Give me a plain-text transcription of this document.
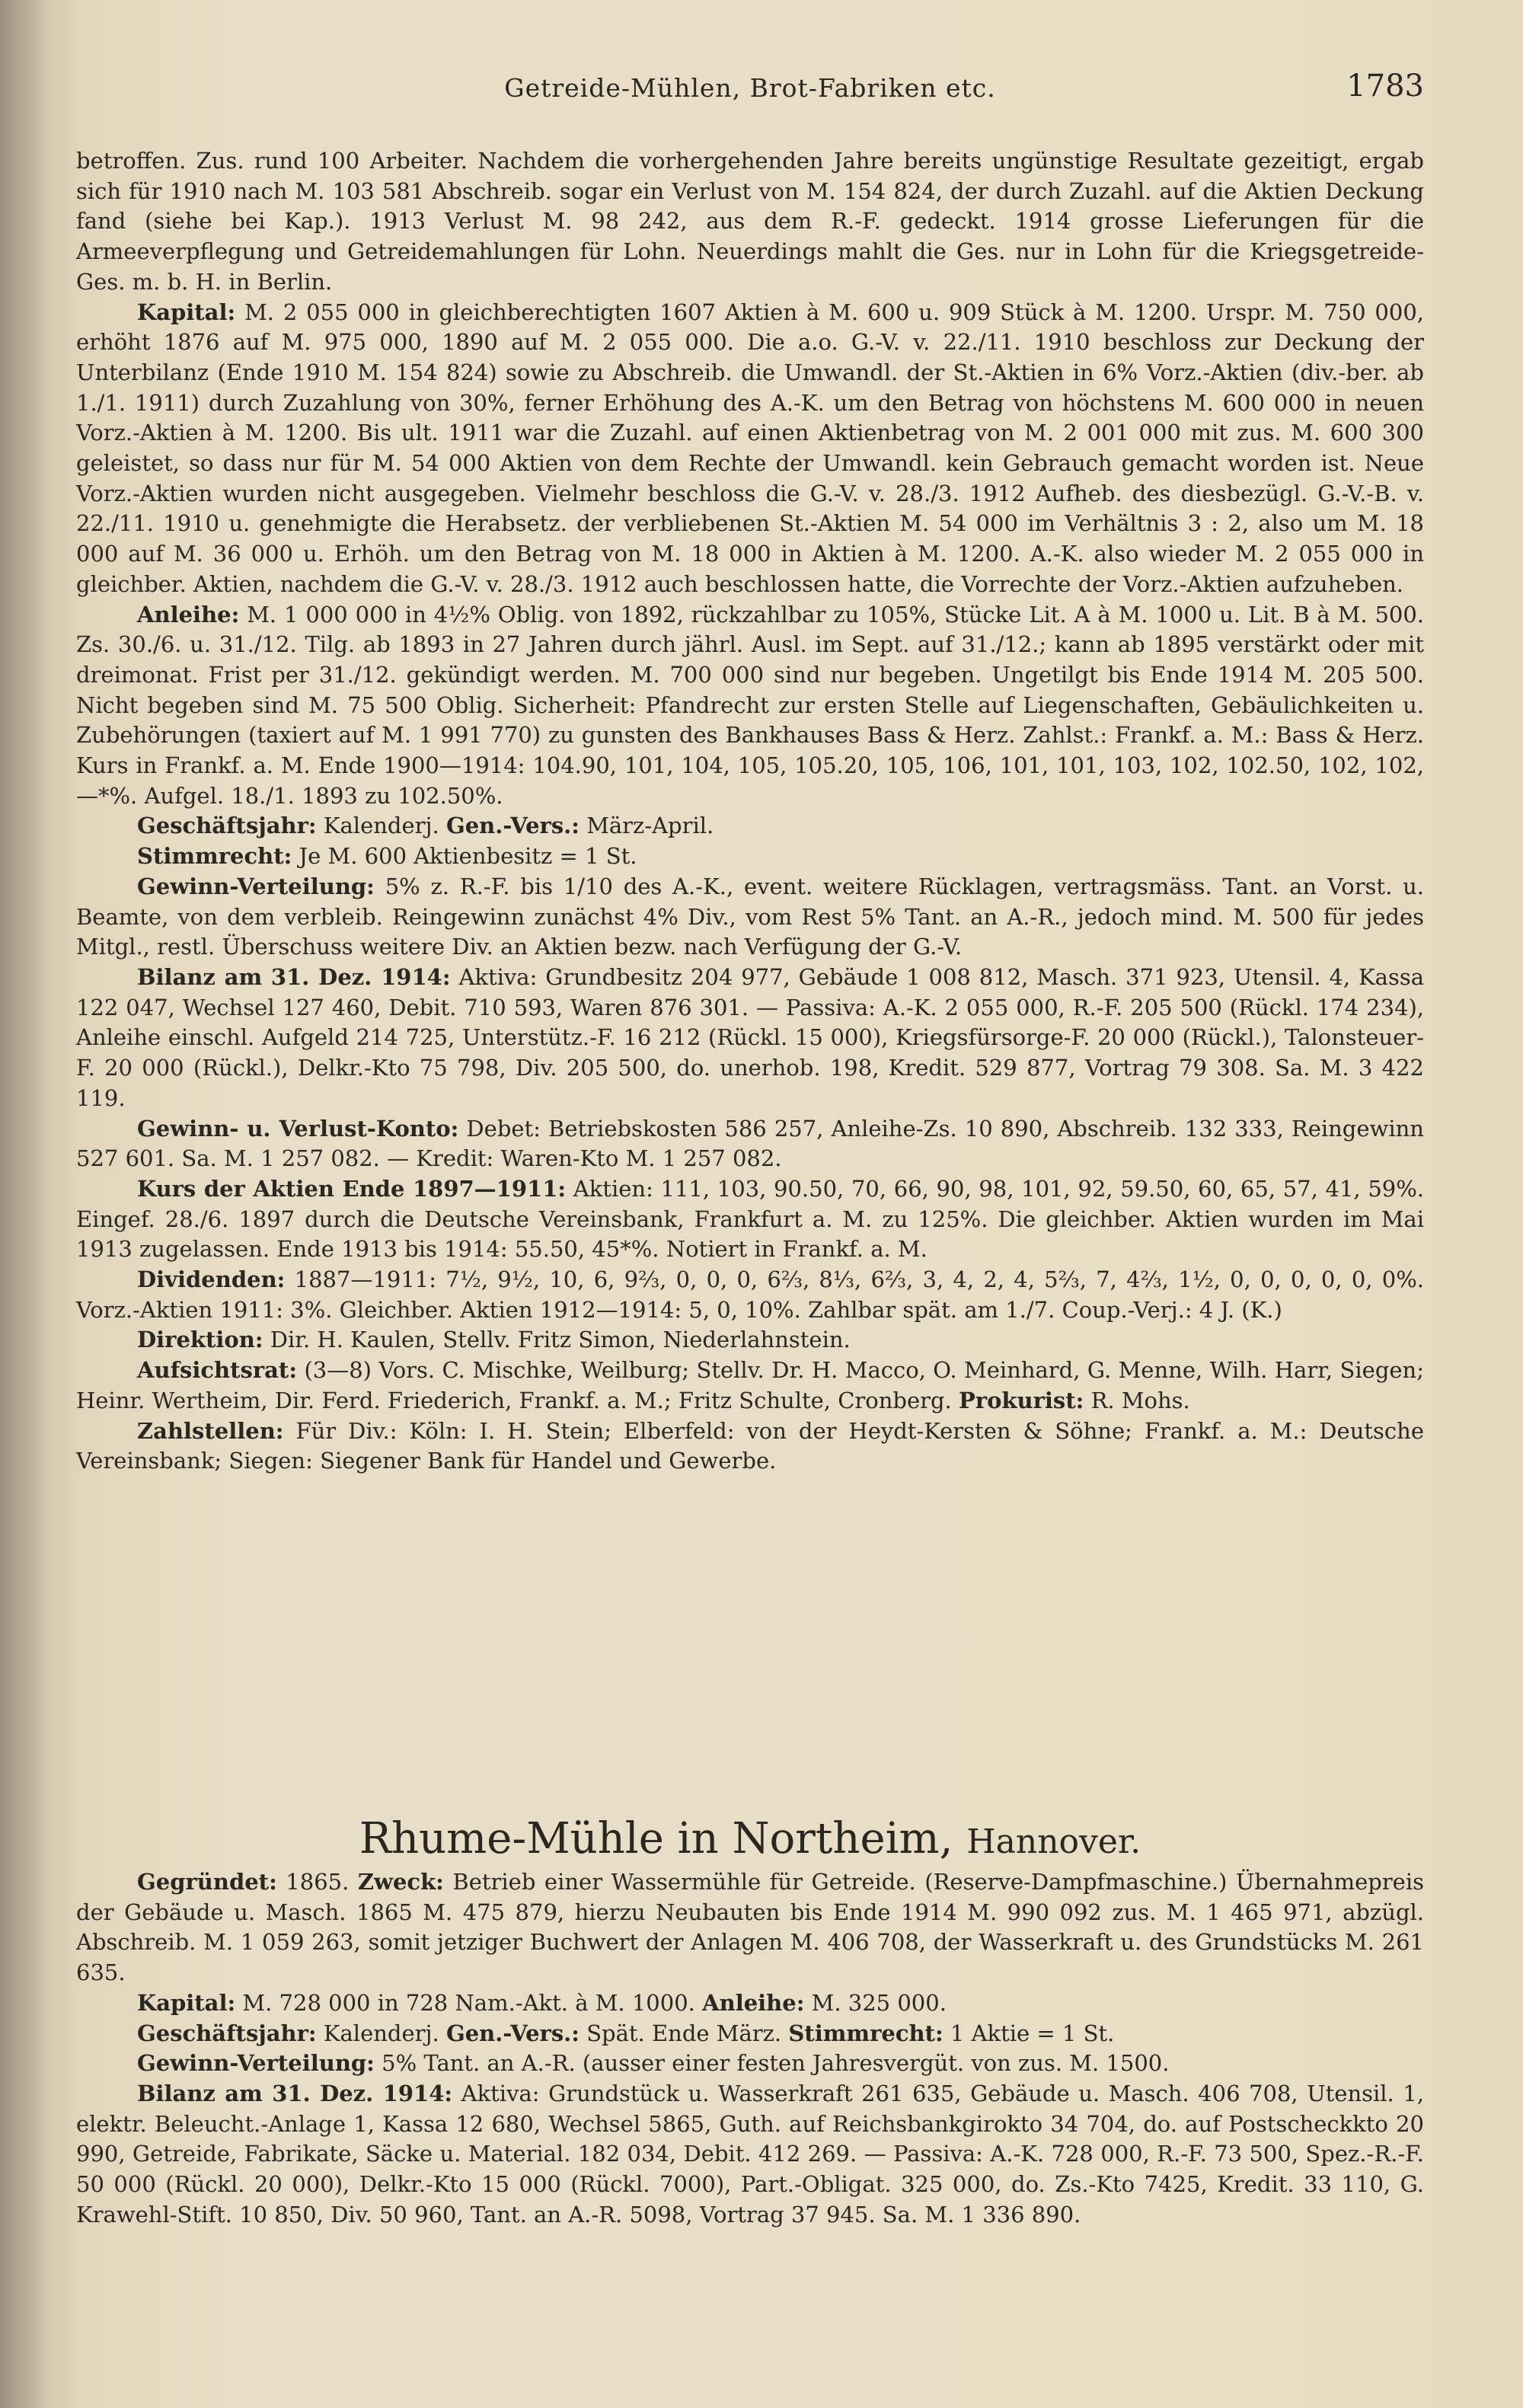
Getreide-Mühlen, Brot-Fabriken etc.	1783

betroffen. Zus. rund 100 Arbeiter. Nachdem die vorhergehenden Jahre bereits ungünstige Resultate gezeitigt, ergab sich für 1910 nach M. 103 581 Abschreib. sogar ein Verlust von M. 154 824, der durch Zuzahl. auf die Aktien Deckung fand (siehe bei Kap.). 1913 Verlust M. 98 242, aus dem R.-F. gedeckt. 1914 grosse Lieferungen für die Armeeverpflegung und Getreidemahlungen für Lohn. Neuerdings mahlt die Ges. nur in Lohn für die Kriegsgetreide-Ges. m. b. H. in Berlin.

Kapital: M. 2 055 000 in gleichberechtigten 1607 Aktien à M. 600 u. 909 Stück à M. 1200. Urspr. M. 750 000, erhöht 1876 auf M. 975 000, 1890 auf M. 2 055 000. Die a.o. G.-V. v. 22./11. 1910 beschloss zur Deckung der Unterbilanz (Ende 1910 M. 154 824) sowie zu Abschreib. die Umwandl. der St.-Aktien in 6% Vorz.-Aktien (div.-ber. ab 1./1. 1911) durch Zuzahlung von 30%, ferner Erhöhung des A.-K. um den Betrag von höchstens M. 600 000 in neuen Vorz.-Aktien à M. 1200. Bis ult. 1911 war die Zuzahl. auf einen Aktienbetrag von M. 2 001 000 mit zus. M. 600 300 geleistet, so dass nur für M. 54 000 Aktien von dem Rechte der Umwandl. kein Gebrauch gemacht worden ist. Neue Vorz.-Aktien wurden nicht ausgegeben. Vielmehr beschloss die G.-V. v. 28./3. 1912 Aufheb. des diesbezügl. G.-V.-B. v. 22./11. 1910 u. genehmigte die Herabsetz. der verbliebenen St.-Aktien M. 54 000 im Verhältnis 3 : 2, also um M. 18 000 auf M. 36 000 u. Erhöh. um den Betrag von M. 18 000 in Aktien à M. 1200. A.-K. also wieder M. 2 055 000 in gleichber. Aktien, nachdem die G.-V. v. 28./3. 1912 auch beschlossen hatte, die Vorrechte der Vorz.-Aktien aufzuheben.

Anleihe: M. 1 000 000 in 4½% Oblig. von 1892, rückzahlbar zu 105%, Stücke Lit. A à M. 1000 u. Lit. B à M. 500. Zs. 30./6. u. 31./12. Tilg. ab 1893 in 27 Jahren durch jährl. Ausl. im Sept. auf 31./12.; kann ab 1895 verstärkt oder mit dreimonat. Frist per 31./12. gekündigt werden. M. 700 000 sind nur begeben. Ungetilgt bis Ende 1914 M. 205 500. Nicht begeben sind M. 75 500 Oblig. Sicherheit: Pfandrecht zur ersten Stelle auf Liegenschaften, Gebäulichkeiten u. Zubehörungen (taxiert auf M. 1 991 770) zu gunsten des Bankhauses Bass & Herz. Zahlst.: Frankf. a. M.: Bass & Herz. Kurs in Frankf. a. M. Ende 1900—1914: 104.90, 101, 104, 105, 105.20, 105, 106, 101, 101, 103, 102, 102.50, 102, 102, —*%. Aufgel. 18./1. 1893 zu 102.50%.

Geschäftsjahr: Kalenderj. Gen.-Vers.: März-April.

Stimmrecht: Je M. 600 Aktienbesitz = 1 St.

Gewinn-Verteilung: 5% z. R.-F. bis 1/10 des A.-K., event. weitere Rücklagen, vertragsmäss. Tant. an Vorst. u. Beamte, von dem verbleib. Reingewinn zunächst 4% Div., vom Rest 5% Tant. an A.-R., jedoch mind. M. 500 für jedes Mitgl., restl. Überschuss weitere Div. an Aktien bezw. nach Verfügung der G.-V.

Bilanz am 31. Dez. 1914: Aktiva: Grundbesitz 204 977, Gebäude 1 008 812, Masch. 371 923, Utensil. 4, Kassa 122 047, Wechsel 127 460, Debit. 710 593, Waren 876 301. — Passiva: A.-K. 2 055 000, R.-F. 205 500 (Rückl. 174 234), Anleihe einschl. Aufgeld 214 725, Unterstütz.-F. 16 212 (Rückl. 15 000), Kriegsfürsorge-F. 20 000 (Rückl.), Talonsteuer-F. 20 000 (Rückl.), Delkr.-Kto 75 798, Div. 205 500, do. unerhob. 198, Kredit. 529 877, Vortrag 79 308. Sa. M. 3 422 119.

Gewinn- u. Verlust-Konto: Debet: Betriebskosten 586 257, Anleihe-Zs. 10 890, Abschreib. 132 333, Reingewinn 527 601. Sa. M. 1 257 082. — Kredit: Waren-Kto M. 1 257 082.

Kurs der Aktien Ende 1897—1911: Aktien: 111, 103, 90.50, 70, 66, 90, 98, 101, 92, 59.50, 60, 65, 57, 41, 59%. Eingef. 28./6. 1897 durch die Deutsche Vereinsbank, Frankfurt a. M. zu 125%. Die gleichber. Aktien wurden im Mai 1913 zugelassen. Ende 1913 bis 1914: 55.50, 45*%. Notiert in Frankf. a. M.

Dividenden: 1887—1911: 7½, 9½, 10, 6, 9⅔, 0, 0, 0, 6⅔, 8⅓, 6⅔, 3, 4, 2, 4, 5⅔, 7, 4⅔, 1½, 0, 0, 0, 0, 0, 0%. Vorz.-Aktien 1911: 3%. Gleichber. Aktien 1912—1914: 5, 0, 10%. Zahlbar spät. am 1./7. Coup.-Verj.: 4 J. (K.)

Direktion: Dir. H. Kaulen, Stellv. Fritz Simon, Niederlahnstein.

Aufsichtsrat: (3—8) Vors. C. Mischke, Weilburg; Stellv. Dr. H. Macco, O. Meinhard, G. Menne, Wilh. Harr, Siegen; Heinr. Wertheim, Dir. Ferd. Friederich, Frankf. a. M.; Fritz Schulte, Cronberg. Prokurist: R. Mohs.

Zahlstellen: Für Div.: Köln: I. H. Stein; Elberfeld: von der Heydt-Kersten & Söhne; Frankf. a. M.: Deutsche Vereinsbank; Siegen: Siegener Bank für Handel und Gewerbe.

Rhume-Mühle in Northeim, Hannover.

Gegründet: 1865. Zweck: Betrieb einer Wassermühle für Getreide. (Reserve-Dampfmaschine.) Übernahmepreis der Gebäude u. Masch. 1865 M. 475 879, hierzu Neubauten bis Ende 1914 M. 990 092 zus. M. 1 465 971, abzügl. Abschreib. M. 1 059 263, somit jetziger Buchwert der Anlagen M. 406 708, der Wasserkraft u. des Grundstücks M. 261 635.

Kapital: M. 728 000 in 728 Nam.-Akt. à M. 1000. Anleihe: M. 325 000.

Geschäftsjahr: Kalenderj. Gen.-Vers.: Spät. Ende März. Stimmrecht: 1 Aktie = 1 St.

Gewinn-Verteilung: 5% Tant. an A.-R. (ausser einer festen Jahresvergüt. von zus. M. 1500.

Bilanz am 31. Dez. 1914: Aktiva: Grundstück u. Wasserkraft 261 635, Gebäude u. Masch. 406 708, Utensil. 1, elektr. Beleucht.-Anlage 1, Kassa 12 680, Wechsel 5865, Guth. auf Reichsbankgirokto 34 704, do. auf Postscheckkto 20 990, Getreide, Fabrikate, Säcke u. Material. 182 034, Debit. 412 269. — Passiva: A.-K. 728 000, R.-F. 73 500, Spez.-R.-F. 50 000 (Rückl. 20 000), Delkr.-Kto 15 000 (Rückl. 7000), Part.-Obligat. 325 000, do. Zs.-Kto 7425, Kredit. 33 110, G. Krawehl-Stift. 10 850, Div. 50 960, Tant. an A.-R. 5098, Vortrag 37 945. Sa. M. 1 336 890.
